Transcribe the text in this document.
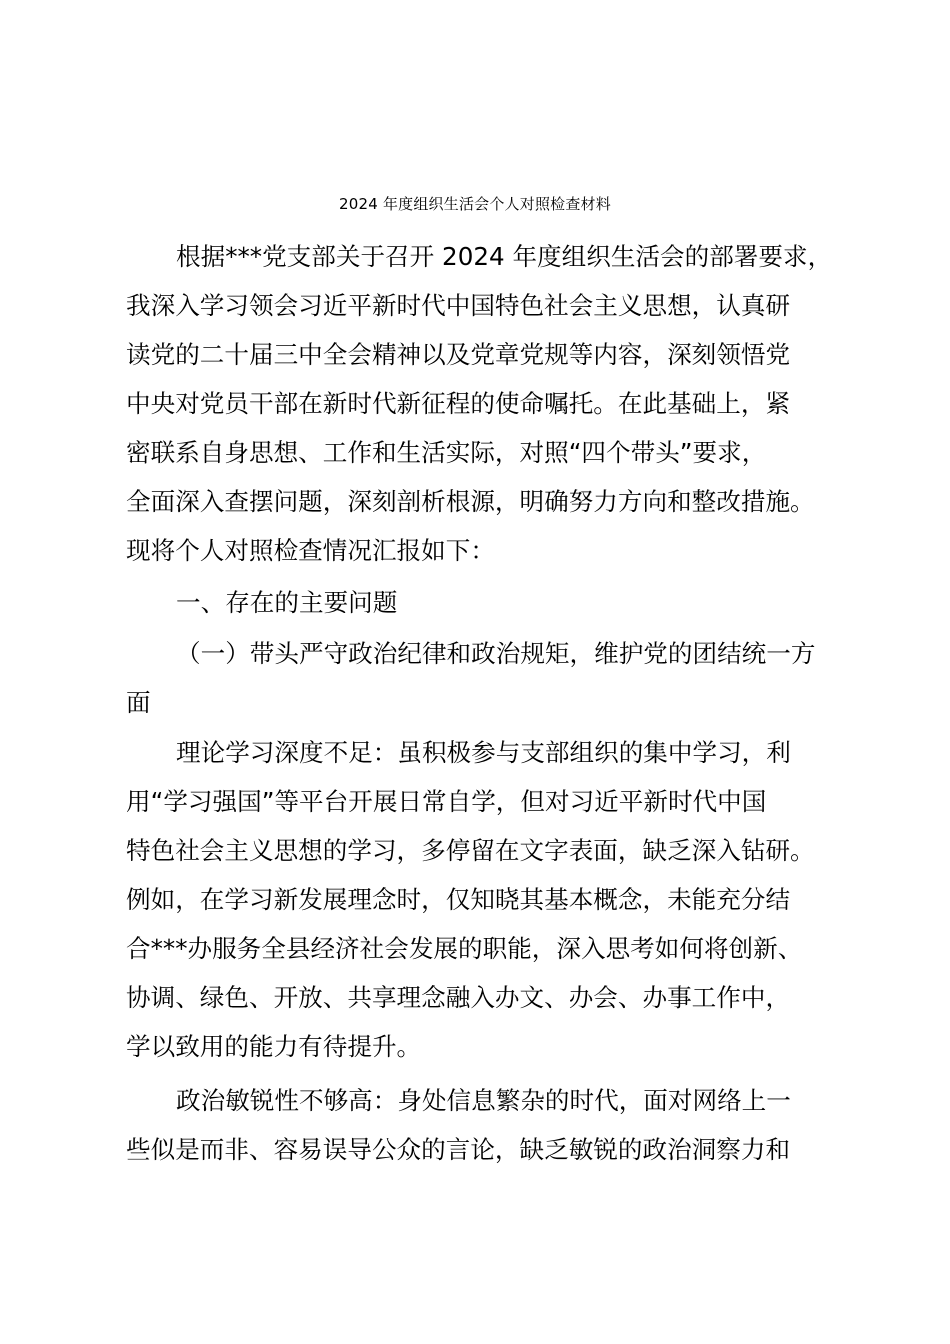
2024 年度组织生活会个人对照检查材料
根据***党支部关于召开 2024 年度组织生活会的部署要求，
我深入学习领会习近平新时代中国特色社会主义思想，认真研
读党的二十届三中全会精神以及党章党规等内容，深刻领悟党
中央对党员干部在新时代新征程的使命嘱托。在此基础上，紧
密联系自身思想、工作和生活实际，对照“四个带头”要求，
全面深入查摆问题，深刻剖析根源，明确努力方向和整改措施。
现将个人对照检查情况汇报如下：
一、存在的主要问题
（一）带头严守政治纪律和政治规矩，维护党的团结统一方
面
理论学习深度不足：虽积极参与支部组织的集中学习，利
用“学习强国”等平台开展日常自学，但对习近平新时代中国
特色社会主义思想的学习，多停留在文字表面，缺乏深入钻研。
例如，在学习新发展理念时，仅知晓其基本概念，未能充分结
合***办服务全县经济社会发展的职能，深入思考如何将创新、
协调、绿色、开放、共享理念融入办文、办会、办事工作中，
学以致用的能力有待提升。
政治敏锐性不够高：身处信息繁杂的时代，面对网络上一
些似是而非、容易误导公众的言论，缺乏敏锐的政治洞察力和
